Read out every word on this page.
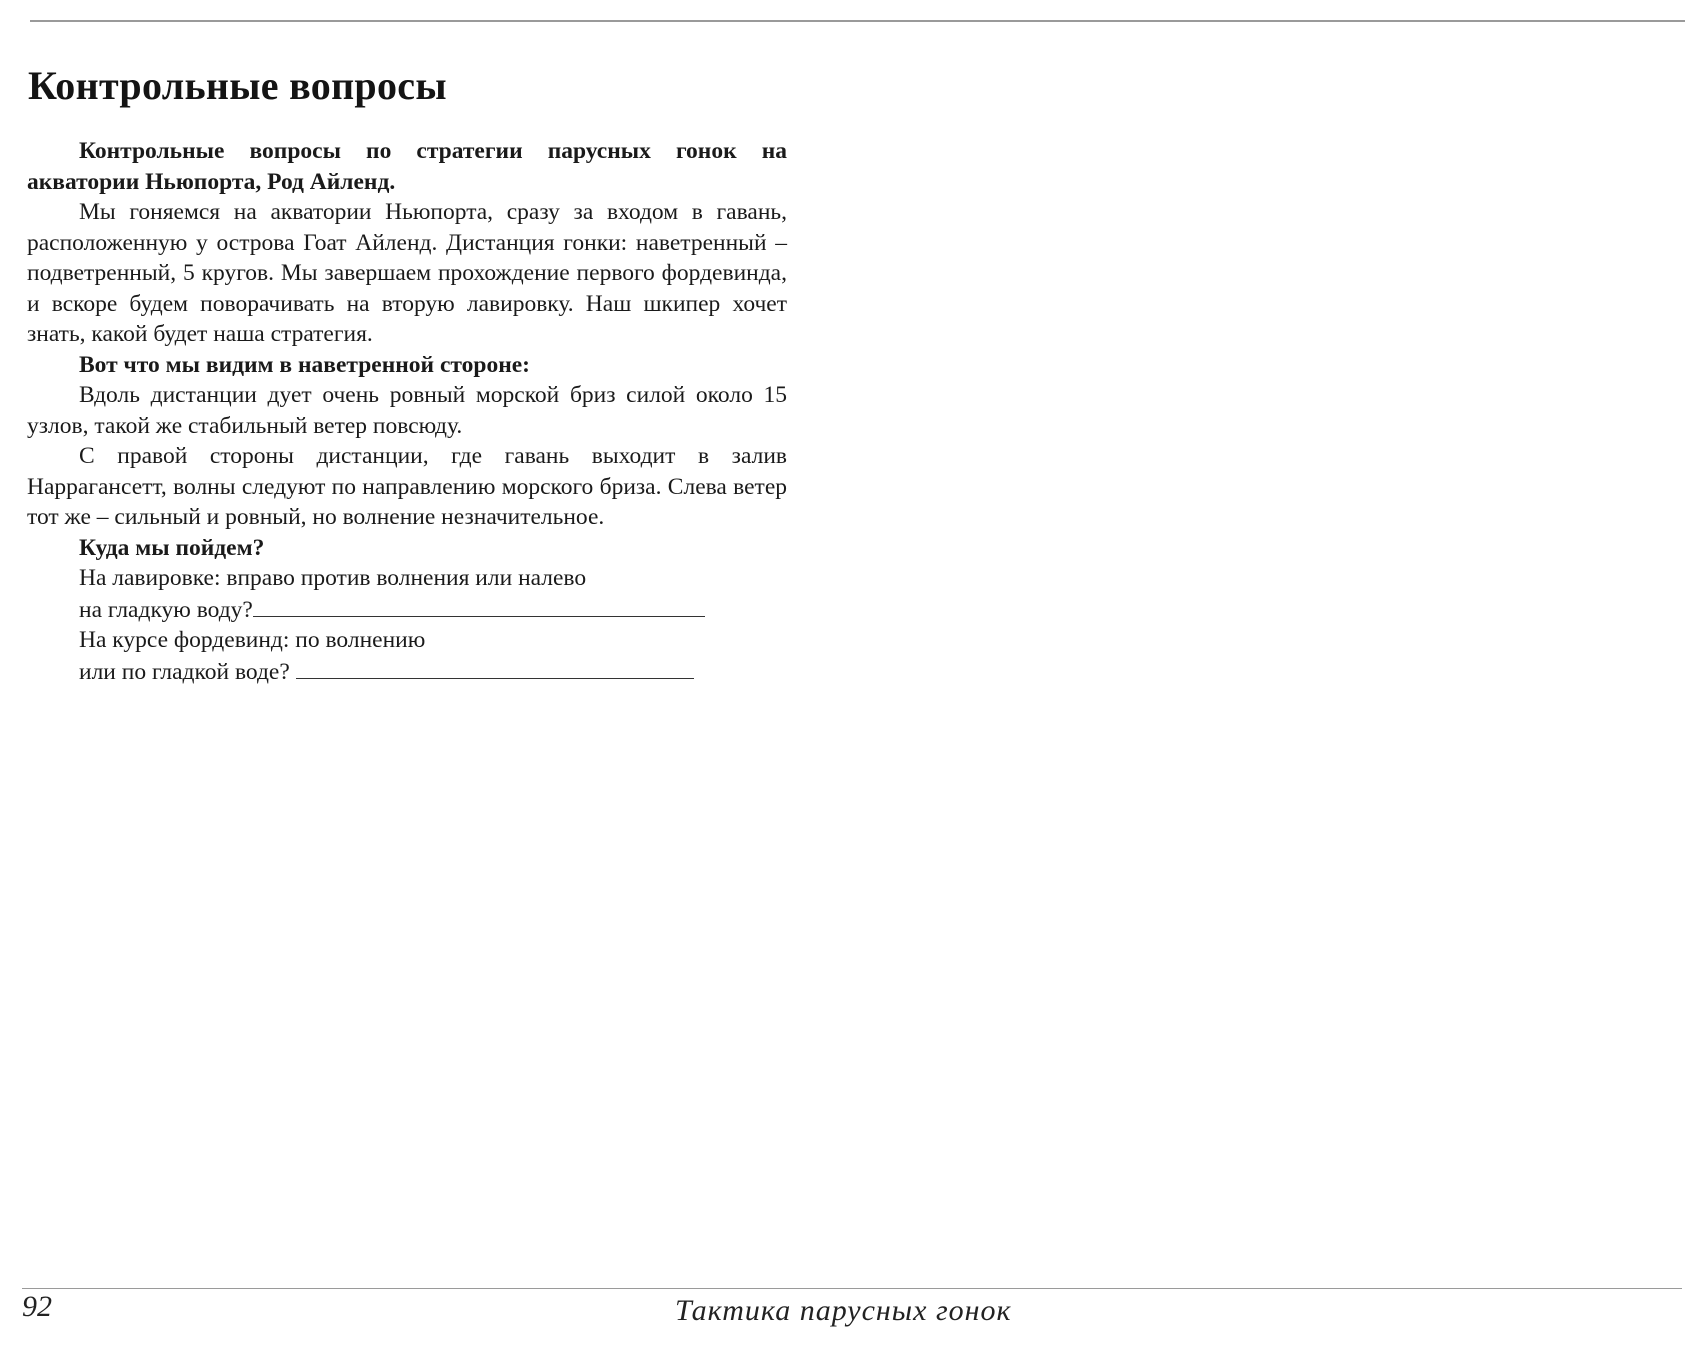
Контрольные вопросы

Контрольные вопросы по стратегии парусных гонок на акватории Ньюпорта, Род Айленд.

Мы гоняемся на акватории Ньюпорта, сразу за входом в гавань, расположенную у острова Гоат Айленд. Дистанция гонки: наветренный – подветренный, 5 кругов. Мы завершаем прохождение первого фордевинда, и вскоре будем поворачивать на вторую лавировку. Наш шкипер хочет знать, какой будет наша стратегия.

Вот что мы видим в наветренной стороне:

Вдоль дистанции дует очень ровный морской бриз силой около 15 узлов, такой же стабильный ветер повсюду.

С правой стороны дистанции, где гавань выходит в залив Наррагансетт, волны следуют по направлению морского бриза. Слева ветер тот же – сильный и ровный, но волнение незначительное.

Куда мы пойдем?

На лавировке: вправо против волнения или налево
на гладкую воду?
На курсе фордевинд: по волнению
или по гладкой воде?
92	Тактика парусных гонок
